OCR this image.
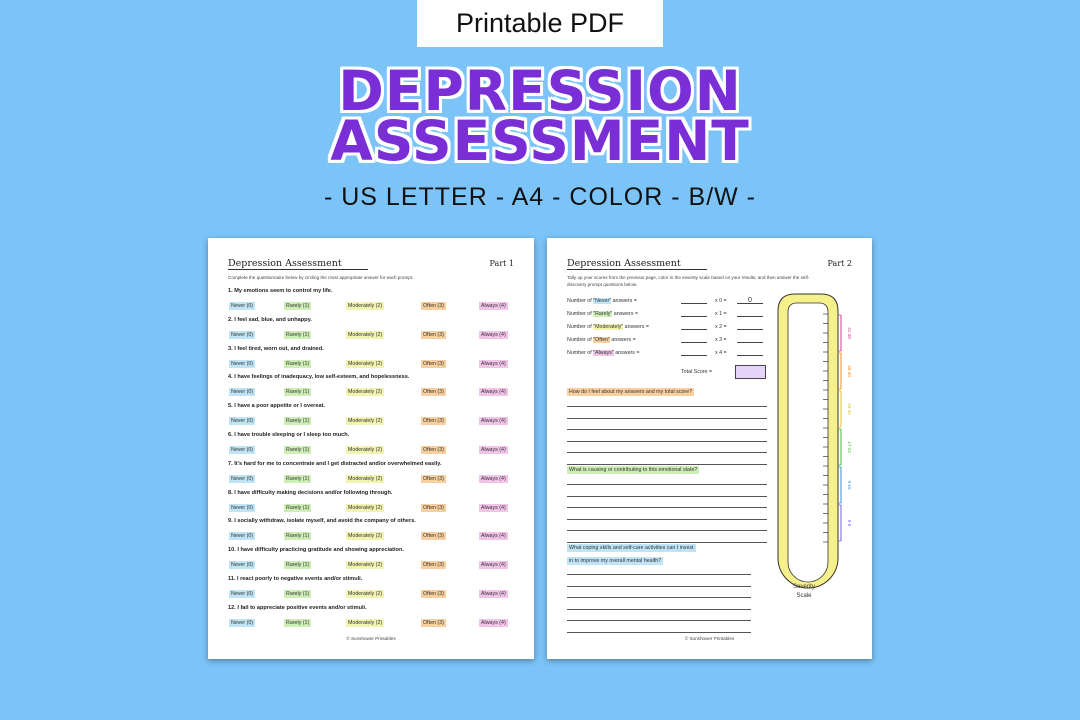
Printable PDF
DEPRESSION
ASSESSMENT
- US LETTER - A4 - COLOR - B/W -
Depression Assessment	Part 1
Complete the questionnaire below by circling the most appropriate answer for each prompt.
1. My emotions seem to control my life.
Never (0)	Rarely (1)	Moderately (2)	Often (3)	Always (4)
2. I feel sad, blue, and unhappy.
Never (0)	Rarely (1)	Moderately (2)	Often (3)	Always (4)
3. I feel tired, worn out, and drained.
Never (0)	Rarely (1)	Moderately (2)	Often (3)	Always (4)
4. I have feelings of inadequacy, low self-esteem, and hopelessness.
Never (0)	Rarely (1)	Moderately (2)	Often (3)	Always (4)
5. I have a poor appetite or I overeat.
Never (0)	Rarely (1)	Moderately (2)	Often (3)	Always (4)
6. I have trouble sleeping or I sleep too much.
Never (0)	Rarely (1)	Moderately (2)	Often (3)	Always (4)
7. It's hard for me to concentrate and I get distracted and/or overwhelmed easily.
Never (0)	Rarely (1)	Moderately (2)	Often (3)	Always (4)
8. I have difficulty making decisions and/or following through.
Never (0)	Rarely (1)	Moderately (2)	Often (3)	Always (4)
9. I socially withdraw, isolate myself, and avoid the company of others.
Never (0)	Rarely (1)	Moderately (2)	Often (3)	Always (4)
10. I have difficulty practicing gratitude and showing appreciation.
Never (0)	Rarely (1)	Moderately (2)	Often (3)	Always (4)
11. I react poorly to negative events and/or stimuli.
Never (0)	Rarely (1)	Moderately (2)	Often (3)	Always (4)
12. I fail to appreciate positive events and/or stimuli.
Never (0)	Rarely (1)	Moderately (2)	Often (3)	Always (4)
© Sunshower Printables
Depression Assessment	Part 2
Tally up your scores from the previous page, color in the severity scale based on your results, and then answer the self-discovery prompt questions below.
Number of "Never" answers =	x 0 =	0
Number of "Rarely" answers =	x 1 =
Number of "Moderately" answers =	x 2 =
Number of "Often" answers =	x 3 =
Number of "Always" answers =	x 4 =
Total Score =
How do I feel about my answers and my total score?
What is causing or contributing to this emotional state?
What coping skills and self-care activities can I invest
in to improve my overall mental health?
0-8
9-16
17-24
25-32
33-40
41-48
Severity
Scale
© Sunshower Printables
